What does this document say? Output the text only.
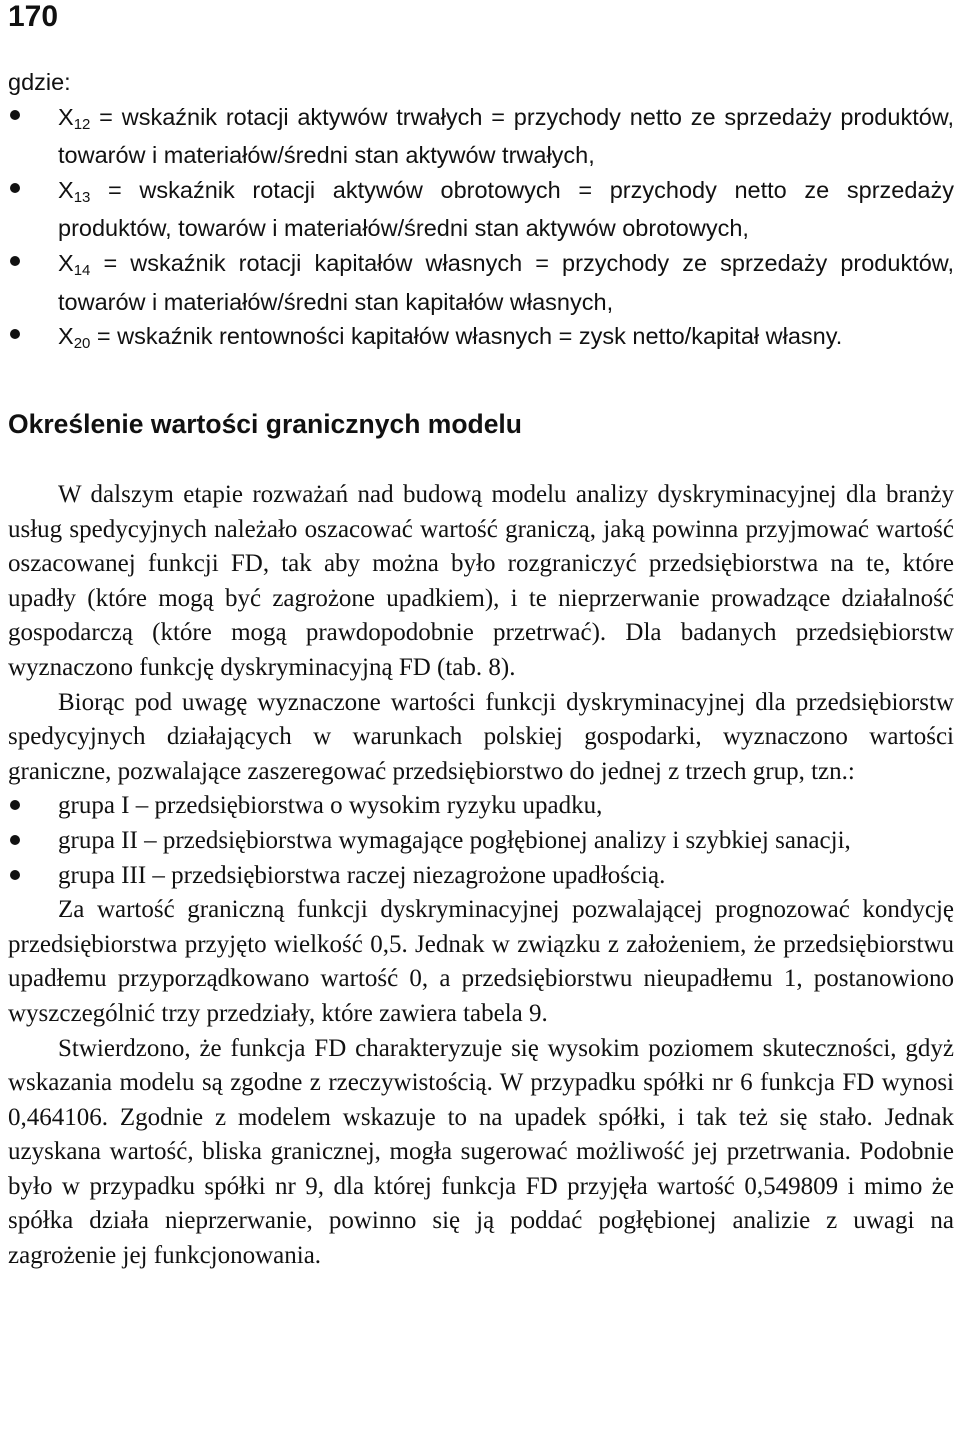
170
gdzie:
X12 = wskaźnik rotacji aktywów trwałych = przychody netto ze sprzedaży produktów, towarów i materiałów/średni stan aktywów trwałych,
X13 = wskaźnik rotacji aktywów obrotowych = przychody netto ze sprzedaży produktów, towarów i materiałów/średni stan aktywów obrotowych,
X14 = wskaźnik rotacji kapitałów własnych = przychody ze sprzedaży produktów, towarów i materiałów/średni stan kapitałów własnych,
X20 = wskaźnik rentowności kapitałów własnych = zysk netto/kapitał własny.
Określenie wartości granicznych modelu

W dalszym etapie rozważań nad budową modelu analizy dyskryminacyjnej dla branży usług spedycyjnych należało oszacować wartość graniczą, jaką powinna przyjmować wartość oszacowanej funkcji FD, tak aby można było rozgraniczyć przedsiębiorstwa na te, które upadły (które mogą być zagrożone upadkiem), i te nieprzerwanie prowadzące działalność gospodarczą (które mogą prawdopodobnie przetrwać). Dla badanych przedsiębiorstw wyznaczono funkcję dyskryminacyjną FD (tab. 8).

Biorąc pod uwagę wyznaczone wartości funkcji dyskryminacyjnej dla przedsiębiorstw spedycyjnych działających w warunkach polskiej gospodarki, wyznaczono wartości graniczne, pozwalające zaszeregować przedsiębiorstwo do jednej z trzech grup, tzn.:

grupa I – przedsiębiorstwa o wysokim ryzyku upadku,
grupa II – przedsiębiorstwa wymagające pogłębionej analizy i szybkiej sanacji,
grupa III – przedsiębiorstwa raczej niezagrożone upadłością.

Za wartość graniczną funkcji dyskryminacyjnej pozwalającej prognozować kondycję przedsiębiorstwa przyjęto wielkość 0,5. Jednak w związku z założeniem, że przedsiębiorstwu upadłemu przyporządkowano wartość 0, a przedsiębiorstwu nieupadłemu 1, postanowiono wyszczególnić trzy przedziały, które zawiera tabela 9.

Stwierdzono, że funkcja FD charakteryzuje się wysokim poziomem skuteczności, gdyż wskazania modelu są zgodne z rzeczywistością. W przypadku spółki nr 6 funkcja FD wynosi 0,464106. Zgodnie z modelem wskazuje to na upadek spółki, i tak też się stało. Jednak uzyskana wartość, bliska granicznej, mogła sugerować możliwość jej przetrwania. Podobnie było w przypadku spółki nr 9, dla której funkcja FD przyjęła wartość 0,549809 i mimo że spółka działa nieprzerwanie, powinno się ją poddać pogłębionej analizie z uwagi na zagrożenie jej funkcjonowania.
